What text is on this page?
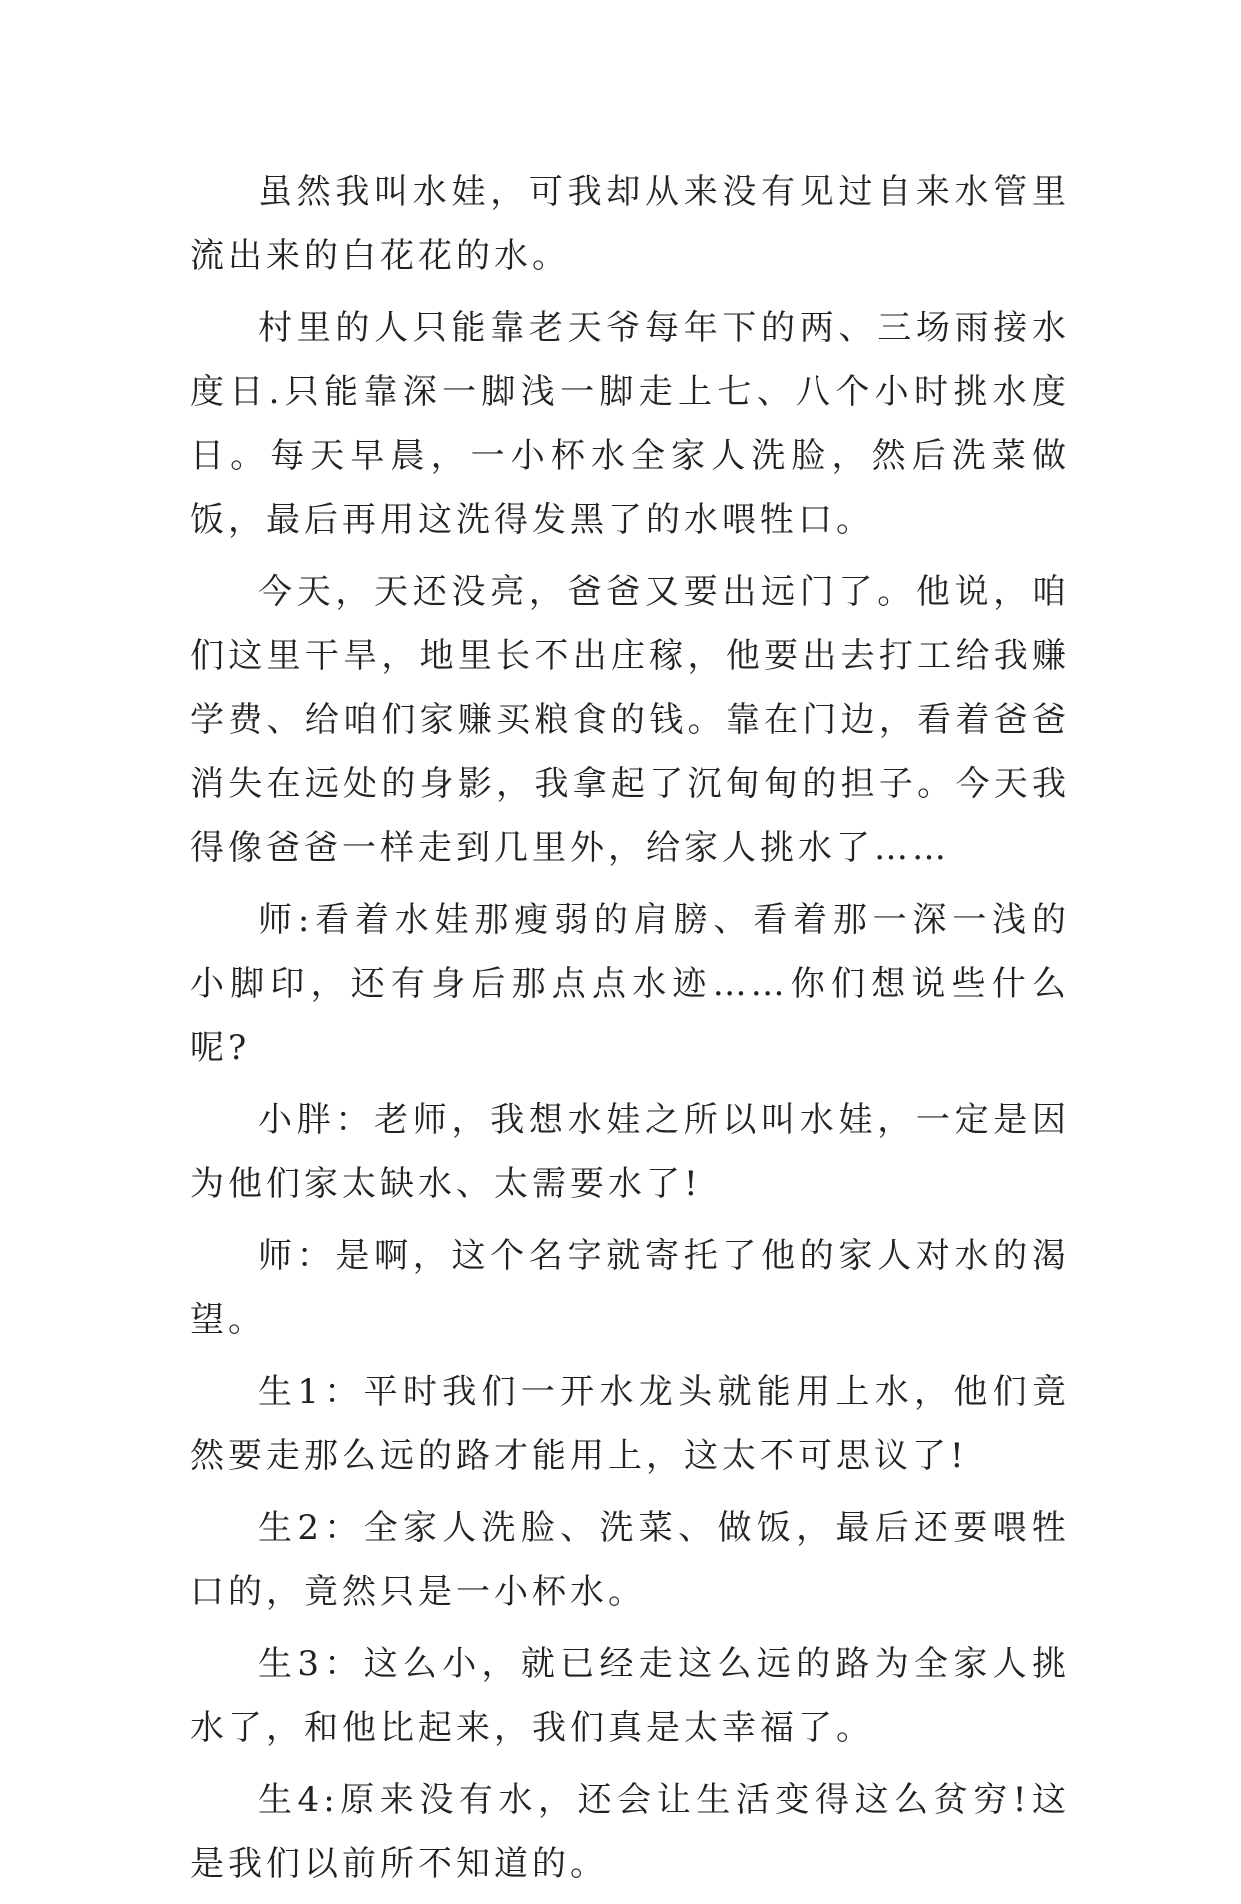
虽然我叫水娃，可我却从来没有见过自来水管里流出来的白花花的水。

村里的人只能靠老天爷每年下的两、三场雨接水度日.只能靠深一脚浅一脚走上七、八个小时挑水度日。每天早晨，一小杯水全家人洗脸，然后洗菜做饭，最后再用这洗得发黑了的水喂牲口。

今天，天还没亮，爸爸又要出远门了。他说，咱们这里干旱，地里长不出庄稼，他要出去打工给我赚学费、给咱们家赚买粮食的钱。靠在门边，看着爸爸消失在远处的身影，我拿起了沉甸甸的担子。今天我得像爸爸一样走到几里外，给家人挑水了……

师:看着水娃那瘦弱的肩膀、看着那一深一浅的小脚印，还有身后那点点水迹……你们想说些什么呢?

小胖：老师，我想水娃之所以叫水娃，一定是因为他们家太缺水、太需要水了!

师：是啊，这个名字就寄托了他的家人对水的渴望。

生1：平时我们一开水龙头就能用上水，他们竟然要走那么远的路才能用上，这太不可思议了!

生2：全家人洗脸、洗菜、做饭，最后还要喂牲口的，竟然只是一小杯水。

生3：这么小，就已经走这么远的路为全家人挑水了，和他比起来，我们真是太幸福了。

生4:原来没有水，还会让生活变得这么贫穷!这是我们以前所不知道的。
